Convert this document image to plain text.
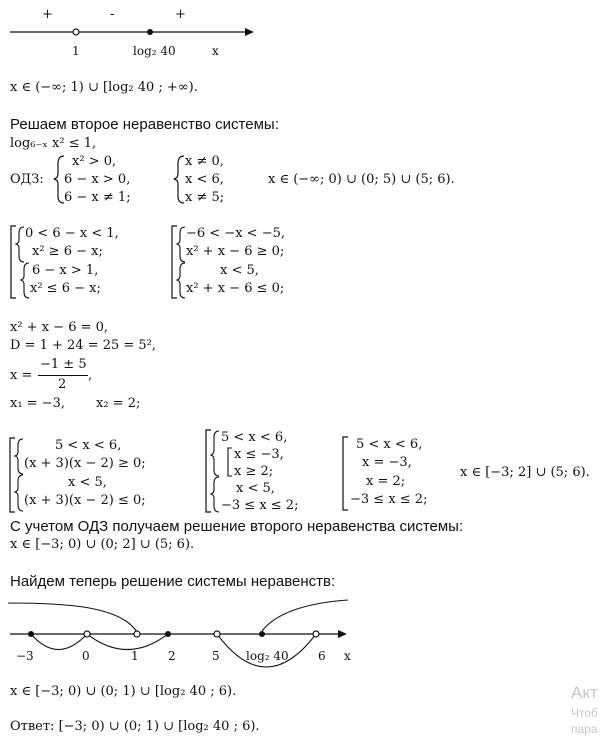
+	-	+
1	log₂ 40	x
x ∈ (−∞; 1) ∪ [log₂ 40 ; +∞).
Решаем второе неравенство системы:
log₆₋ₓ x² ≤ 1,
ОДЗ:
x² > 0,
6 − x > 0,
6 − x ≠ 1;
x ≠ 0,
x < 6,
x ≠ 5;
x ∈ (−∞; 0) ∪ (0; 5) ∪ (5; 6).
0 < 6 − x < 1,
x² ≥ 6 − x;
6 − x > 1,
x² ≤ 6 − x;
−6 < −x < −5,
x² + x − 6 ≥ 0;
x < 5,
x² + x − 6 ≤ 0;
x² + x − 6 = 0,
D = 1 + 24 = 25 = 5²,
x =
−1 ± 5
2
,
x₁ = −3, x₂ = 2;
5 < x < 6,
(x + 3)(x − 2) ≥ 0;
x < 5,
(x + 3)(x − 2) ≤ 0;
5 < x < 6,
x ≤ −3,
x ≥ 2;
x < 5,
−3 ≤ x ≤ 2;
5 < x < 6,
x = −3,
x = 2;
−3 ≤ x ≤ 2;
x ∈ [−3; 2] ∪ (5; 6).
С учетом ОДЗ получаем решение второго неравенства системы:
x ∈ [−3; 0) ∪ (0; 2] ∪ (5; 6).
Найдем теперь решение системы неравенств:
−3	0	1 2	5 log₂ 40 6 x
x ∈ [−3; 0) ∪ (0; 1) ∪ [log₂ 40 ; 6).
Ответ: [−3; 0) ∪ (0; 1) ∪ [log₂ 40 ; 6).
Акт
Чтоб
пара
